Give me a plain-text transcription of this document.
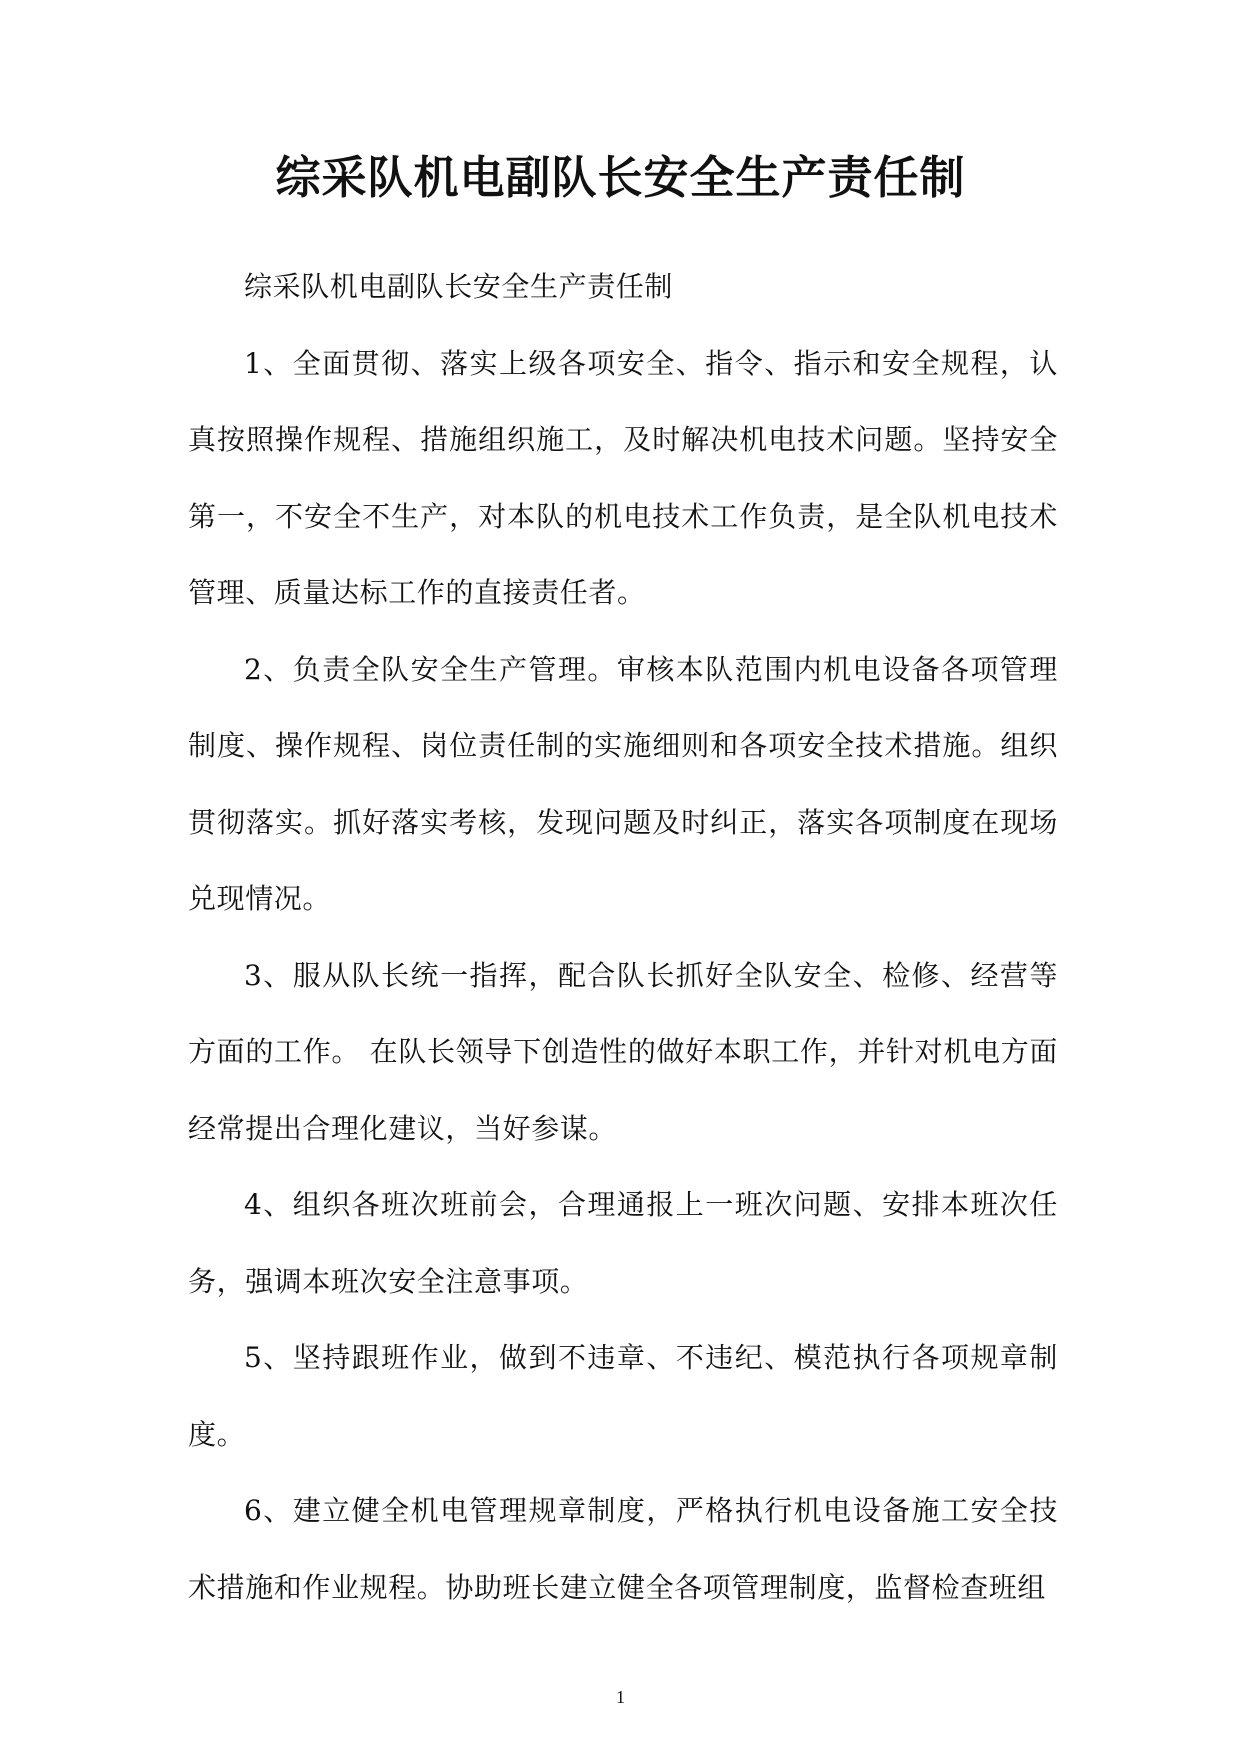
综采队机电副队长安全生产责任制

综采队机电副队长安全生产责任制

1、全面贯彻、落实上级各项安全、指令、指示和安全规程，认真按照操作规程、措施组织施工，及时解决机电技术问题。坚持安全第一，不安全不生产，对本队的机电技术工作负责，是全队机电技术管理、质量达标工作的直接责任者。

2、负责全队安全生产管理。审核本队范围内机电设备各项管理制度、操作规程、岗位责任制的实施细则和各项安全技术措施。组织贯彻落实。抓好落实考核，发现问题及时纠正，落实各项制度在现场兑现情况。

3、服从队长统一指挥，配合队长抓好全队安全、检修、经营等方面的工作。 在队长领导下创造性的做好本职工作，并针对机电方面经常提出合理化建议，当好参谋。

4、组织各班次班前会，合理通报上一班次问题、安排本班次任务，强调本班次安全注意事项。

5、坚持跟班作业，做到不违章、不违纪、模范执行各项规章制度。

6、建立健全机电管理规章制度，严格执行机电设备施工安全技术措施和作业规程。协助班长建立健全各项管理制度，监督检查班组

1
